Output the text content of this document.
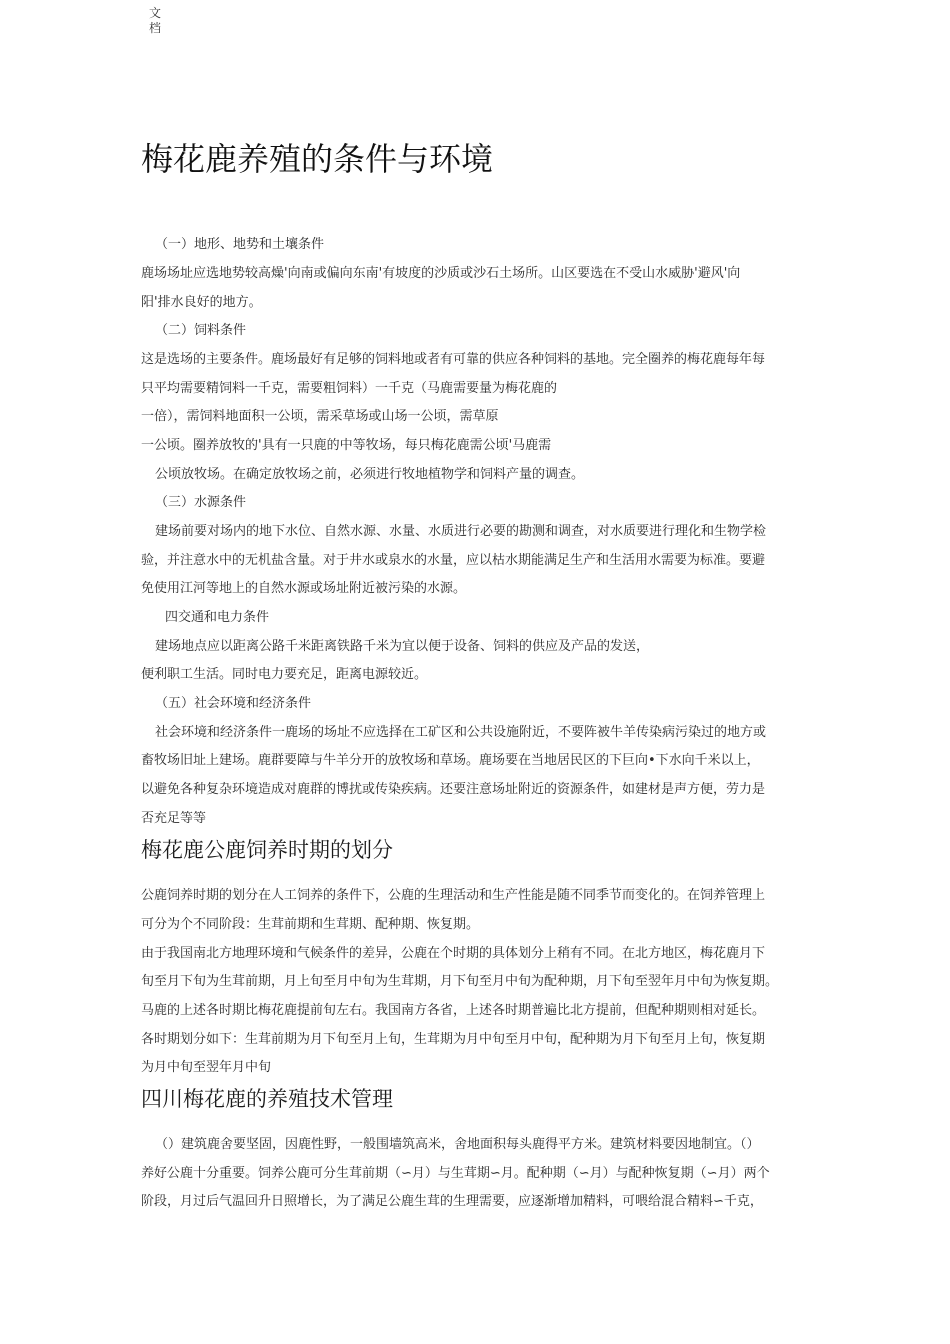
文档
梅花鹿养殖的条件与环境
（一）地形、地势和土壤条件
鹿场场址应选地势较高燥'向南或偏向东南'有坡度的沙质或沙石土场所。山区要选在不受山水威胁'避风'向
阳'排水良好的地方。
（二）饲料条件
这是选场的主要条件。鹿场最好有足够的饲料地或者有可靠的供应各种饲料的基地。完全圈养的梅花鹿每年每
只平均需要精饲料一千克，需要粗饲料）一千克（马鹿需要量为梅花鹿的
一倍），需饲料地面积一公顷，需采草场或山场一公顷，需草原
一公顷。圈养放牧的'具有一只鹿的中等牧场，每只梅花鹿需公顷'马鹿需
公顷放牧场。在确定放牧场之前，必须进行牧地植物学和饲料产量的调查。
（三）水源条件
建场前要对场内的地下水位、自然水源、水量、水质进行必要的勘测和调查，对水质要进行理化和生物学检
验，并注意水中的无机盐含量。对于井水或泉水的水量，应以枯水期能满足生产和生活用水需要为标准。要避
免使用江河等地上的自然水源或场址附近被污染的水源。
四交通和电力条件
建场地点应以距离公路千米距离铁路千米为宜以便于设备、饲料的供应及产品的发送，
便利职工生活。同时电力要充足，距离电源较近。
（五）社会环境和经济条件
社会环境和经济条件一鹿场的场址不应选择在工矿区和公共设施附近，不要阵被牛羊传染病污染过的地方或
畜牧场旧址上建场。鹿群要障与牛羊分开的放牧场和草场。鹿场要在当地居民区的下巨向•下水向千米以上，
以避免各种复杂环境造成对鹿群的博扰或传染疾病。还要注意场址附近的资源条件，如建材是声方便，劳力是
否充足等等
梅花鹿公鹿饲养时期的划分
公鹿饲养时期的划分在人工饲养的条件下，公鹿的生理活动和生产性能是随不同季节而变化的。在饲养管理上
可分为个不同阶段：生茸前期和生茸期、配种期、恢复期。
由于我国南北方地理环境和气候条件的差异，公鹿在个时期的具体划分上稍有不同。在北方地区，梅花鹿月下
旬至月下旬为生茸前期，月上旬至月中旬为生茸期，月下旬至月中旬为配种期，月下旬至翌年月中旬为恢复期。
马鹿的上述各时期比梅花鹿提前旬左右。我国南方各省，上述各时期普遍比北方提前，但配种期则相对延长。
各时期划分如下：生茸前期为月下旬至月上旬，生茸期为月中旬至月中旬，配种期为月下旬至月上旬，恢复期
为月中旬至翌年月中旬
四川梅花鹿的养殖技术管理
（）建筑鹿舍要坚固，因鹿性野，一般围墙筑高米，舍地面积每头鹿得平方米。建筑材料要因地制宜。（）
养好公鹿十分重要。饲养公鹿可分生茸前期（∽月）与生茸期∽月。配种期（∽月）与配种恢复期（∽月）两个
阶段，月过后气温回升日照增长，为了满足公鹿生茸的生理需要，应逐渐增加精料，可喂给混合精料∽千克，
